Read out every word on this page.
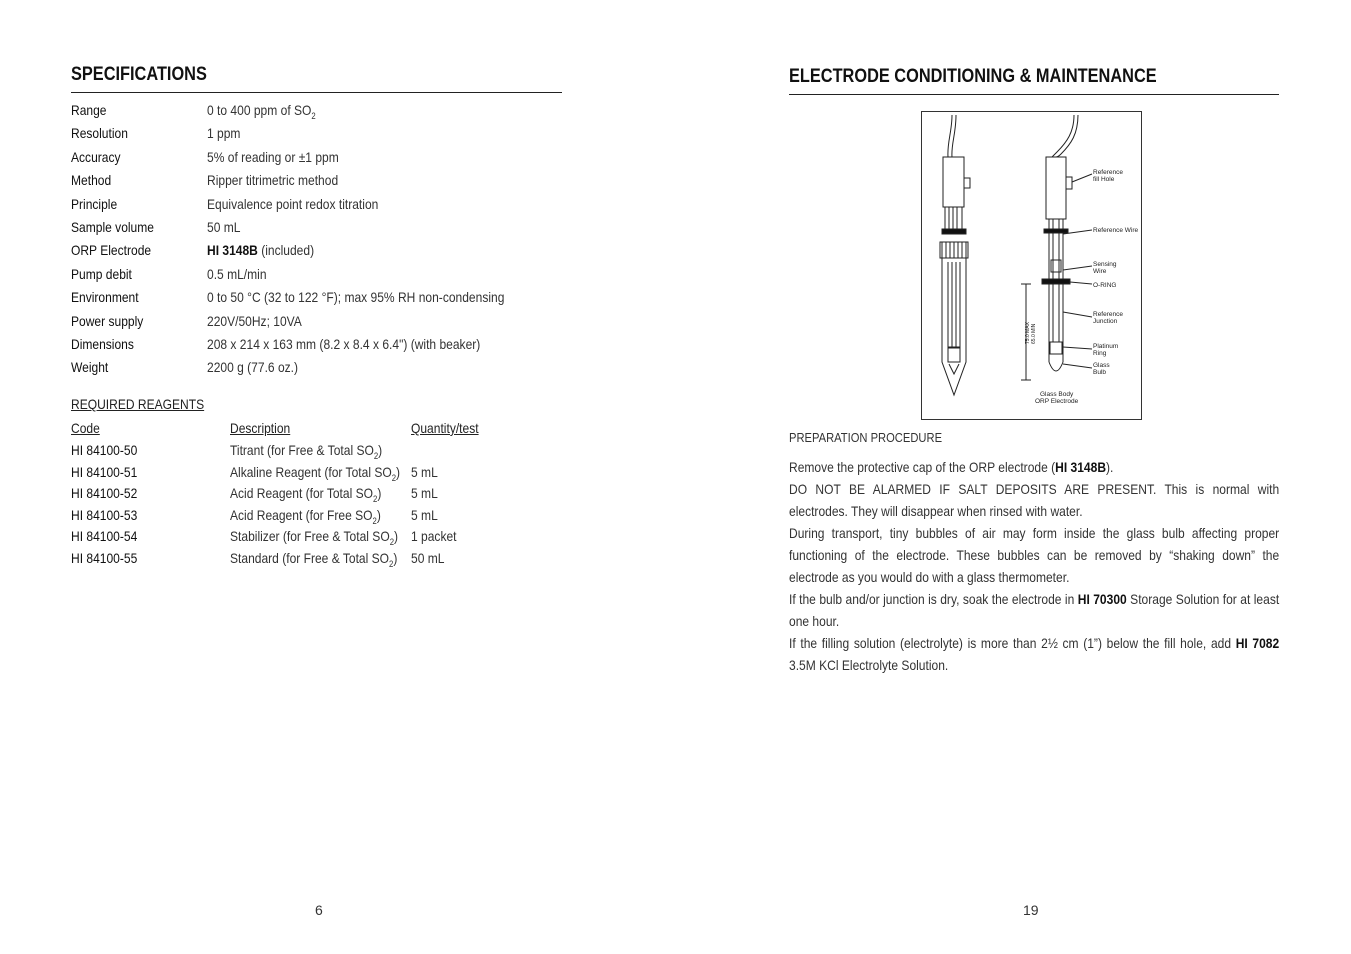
SPECIFICATIONS
Range	0 to 400 ppm of $SO_2$
Resolution	1 ppm
Accuracy	5% of reading or ±1 ppm
Method	Ripper titrimetric method
Principle	Equivalence point redox titration
Sample volume	50 mL
ORP Electrode	HI 3148B (included)
Pump debit	0.5 mL/min
Environment	0 to 50 °C (32 to 122 °F); max 95% RH non-condensing
Power supply	220V/50Hz; 10VA
Dimensions	208 x 214 x 163 mm (8.2 x 8.4 x 6.4") (with beaker)
Weight	2200 g (77.6 oz.)
REQUIRED REAGENTS
Code	Description	Quantity/test
HI 84100-50	Titrant (for Free & Total $SO_2$)
HI 84100-51	Alkaline Reagent (for Total $SO_2$) 5 mL
HI 84100-52	Acid Reagent (for Total $SO_2$) 5 mL
HI 84100-53	Acid Reagent (for Free $SO_2$) 5 mL
HI 84100-54	Stabilizer (for Free & Total $SO_2$) 1 packet
HI 84100-55	Standard (for Free & Total $SO_2$) 50 mL
6
ELECTRODE CONDITIONING & MAINTENANCE
Reference
fill Hole
Reference Wire
Sensing
Wire
O-RING
Reference
Junction
Platinum
Ring
Glass
Bulb
Glass Body
ORP Electrode
75.0 MAX 65.0 MIN
PREPARATION PROCEDURE

Remove the protective cap of the ORP electrode (HI 3148B).

DO NOT BE ALARMED IF SALT DEPOSITS ARE PRESENT. This is normal with electrodes. They will disappear when rinsed with water.

During transport, tiny bubbles of air may form inside the glass bulb affecting proper functioning of the electrode. These bubbles can be removed by “shaking down” the electrode as you would do with a glass thermometer.

If the bulb and/or junction is dry, soak the electrode in HI 70300 Storage Solution for at least one hour.

If the filling solution (electrolyte) is more than 2½ cm (1”) below the fill hole, add HI 7082 3.5M KCl Electrolyte Solution.

19
